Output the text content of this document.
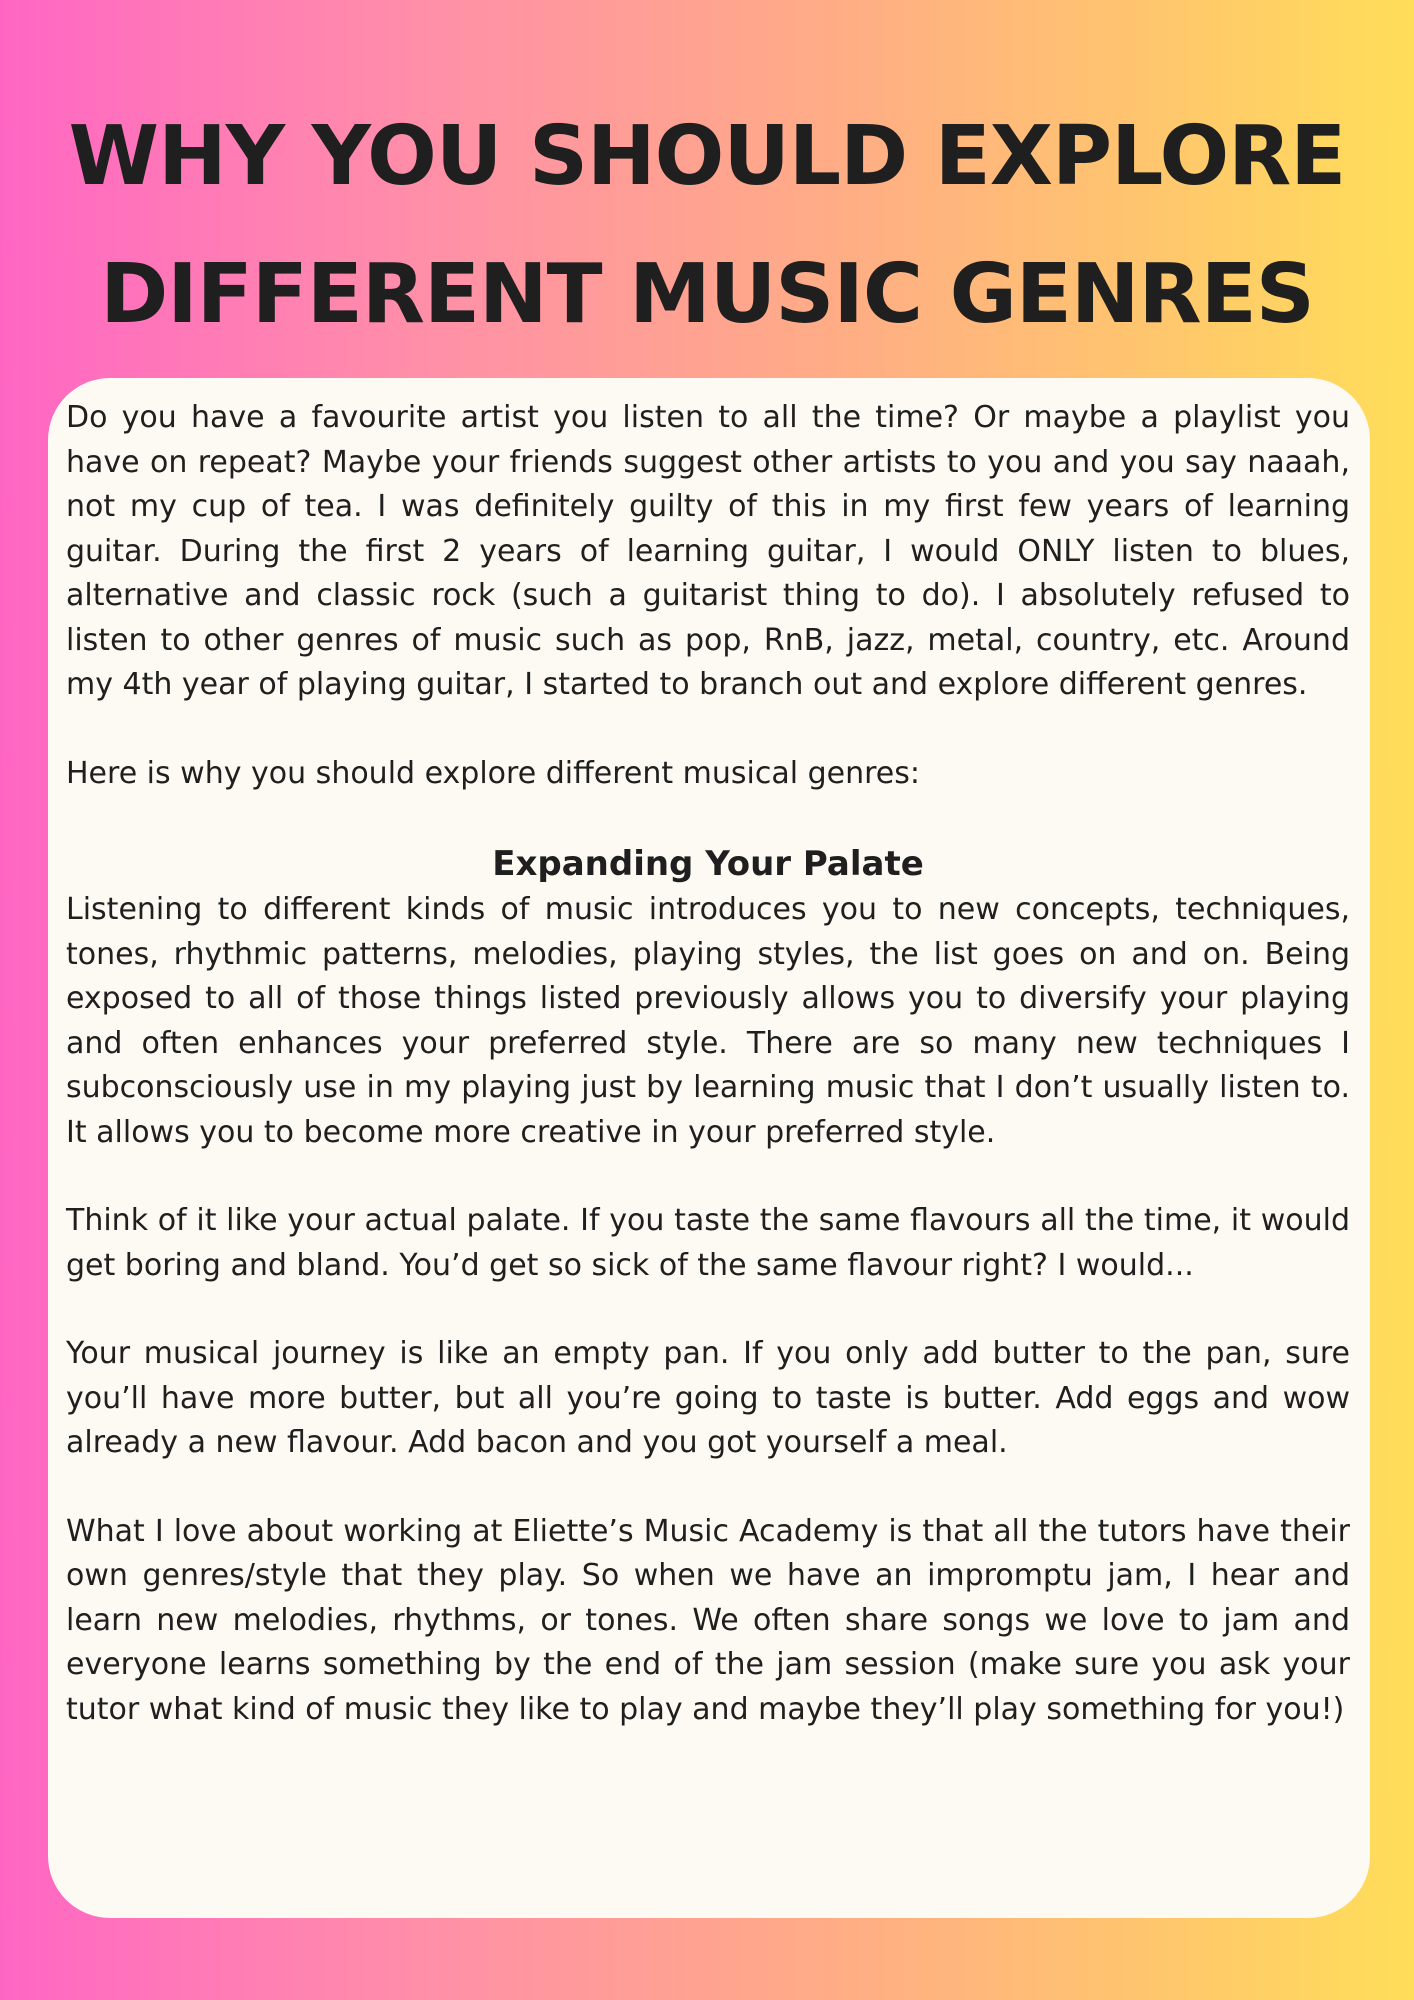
WHY YOU SHOULD EXPLORE
DIFFERENT MUSIC GENRES

Do you have a favourite artist you listen to all the time? Or maybe a playlist you have on repeat? Maybe your friends suggest other artists to you and you say naaah, not my cup of tea. I was definitely guilty of this in my first few years of learning guitar. During the first 2 years of learning guitar, I would ONLY listen to blues, alternative and classic rock (such a guitarist thing to do). I absolutely refused to listen to other genres of music such as pop, RnB, jazz, metal, country, etc. Around my 4th year of playing guitar, I started to branch out and explore different genres.

Here is why you should explore different musical genres:

Expanding Your Palate

Listening to different kinds of music introduces you to new concepts, techniques, tones, rhythmic patterns, melodies, playing styles, the list goes on and on. Being exposed to all of those things listed previously allows you to diversify your playing and often enhances your preferred style. There are so many new techniques I subconsciously use in my playing just by learning music that I don’t usually listen to. It allows you to become more creative in your preferred style.

Think of it like your actual palate. If you taste the same flavours all the time, it would get boring and bland. You’d get so sick of the same flavour right? I would...

Your musical journey is like an empty pan. If you only add butter to the pan, sure you’ll have more butter, but all you’re going to taste is butter. Add eggs and wow already a new flavour. Add bacon and you got yourself a meal.

What I love about working at Eliette’s Music Academy is that all the tutors have their own genres/style that they play. So when we have an impromptu jam, I hear and learn new melodies, rhythms, or tones. We often share songs we love to jam and everyone learns something by the end of the jam session (make sure you ask your tutor what kind of music they like to play and maybe they’ll play something for you!)
